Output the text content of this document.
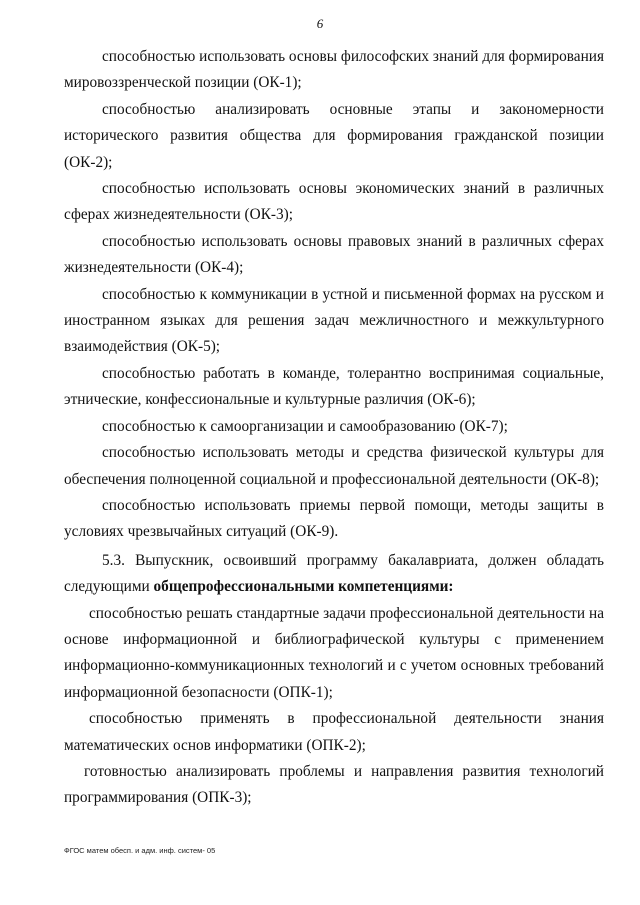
6

способностью использовать основы философских знаний для формирования мировоззренческой позиции (ОК-1);

способностью анализировать основные этапы и закономерности исторического развития общества для формирования гражданской позиции (ОК-2);

способностью использовать основы экономических знаний в различных сферах жизнедеятельности (ОК-3);

способностью использовать основы правовых знаний в различных сферах жизнедеятельности (ОК-4);

способностью к коммуникации в устной и письменной формах на русском и иностранном языках для решения задач межличностного и межкультурного взаимодействия (ОК-5);

способностью работать в команде, толерантно воспринимая социальные, этнические, конфессиональные и культурные различия (ОК-6);

способностью к самоорганизации и самообразованию (ОК-7);

способностью использовать методы и средства физической культуры для обеспечения полноценной социальной и профессиональной деятельности (ОК-8);

способностью использовать приемы первой помощи, методы защиты в условиях чрезвычайных ситуаций (ОК-9).

5.3. Выпускник, освоивший программу бакалавриата, должен обладать следующими общепрофессиональными компетенциями:

способностью решать стандартные задачи профессиональной деятельности на основе информационной и библиографической культуры с применением информационно-коммуникационных технологий и с учетом основных требований информационной безопасности (ОПК-1);

способностью применять в профессиональной деятельности знания математических основ информатики (ОПК-2);

готовностью анализировать проблемы и направления развития технологий программирования (ОПК-3);

ФГОС матем обесп. и адм. инф. систем- 05
